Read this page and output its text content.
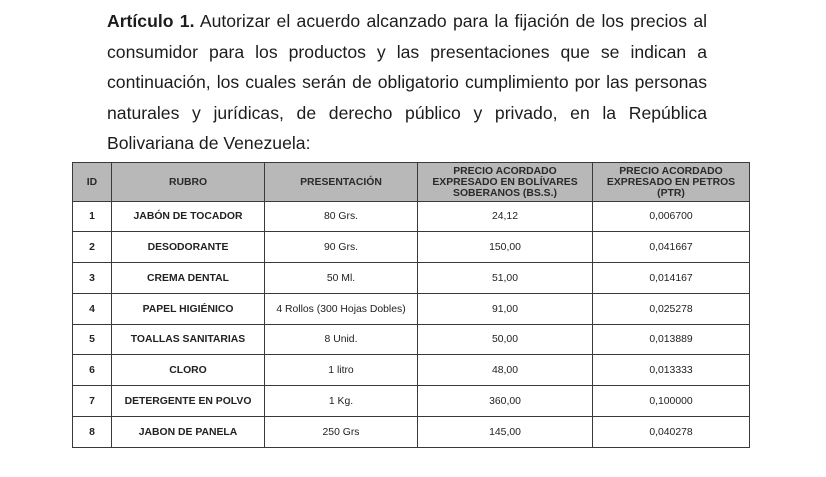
Artículo 1. Autorizar el acuerdo alcanzado para la fijación de los precios al consumidor para los productos y las presentaciones que se indican a continuación, los cuales serán de obligatorio cumplimiento por las personas naturales y jurídicas, de derecho público y privado, en la República Bolivariana de Venezuela:

ID	RUBRO	PRESENTACIÓN	PRECIO ACORDADO EXPRESADO EN BOLÍVARES SOBERANOS (BS.S.)	PRECIO ACORDADO EXPRESADO EN PETROS (PTR)
1	JABÓN DE TOCADOR	80 Grs.	24,12	0,006700
2	DESODORANTE	90 Grs.	150,00	0,041667
3	CREMA DENTAL	50 Ml.	51,00	0,014167
4	PAPEL HIGIÉNICO	4 Rollos (300 Hojas Dobles)	91,00	0,025278
5	TOALLAS SANITARIAS	8 Unid.	50,00	0,013889
6	CLORO	1 litro	48,00	0,013333
7	DETERGENTE EN POLVO	1 Kg.	360,00	0,100000
8	JABON DE PANELA	250 Grs	145,00	0,040278
